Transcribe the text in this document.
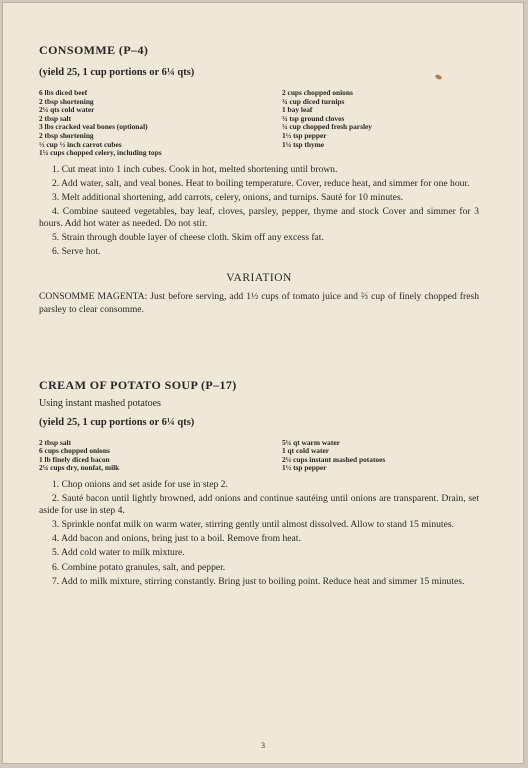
CONSOMME (P–4)
(yield 25, 1 cup portions or 6¼ qts)
6 lbs diced beef
2 tbsp shortening
2¼ qts cold water
2 tbsp salt
3 lbs cracked veal bones (optional)
2 tbsp shortening
½ cup ½ inch carrot cubes
1¼ cups chopped celery, including tops
2 cups chopped onions
¾ cup diced turnips
1 bay leaf
¾ tsp ground cloves
¼ cup chopped fresh parsley
1½ tsp pepper
1¼ tsp thyme

1. Cut meat into 1 inch cubes. Cook in hot, melted shortening until brown.

2. Add water, salt, and veal bones. Heat to boiling temperature. Cover, reduce heat, and simmer for one hour.

3. Melt additional shortening, add carrots, celery, onions, and turnips. Sauté for 10 minutes.

4. Combine sauteed vegetables, bay leaf, cloves, parsley, pepper, thyme and stock Cover and simmer for 3 hours. Add hot water as needed. Do not stir.

5. Strain through double layer of cheese cloth. Skim off any excess fat.

6. Serve hot.

VARIATION

CONSOMME MAGENTA: Just before serving, add 1½ cups of tomato juice and ⅔ cup of finely chopped fresh parsley to clear consomme.

CREAM OF POTATO SOUP (P–17)
Using instant mashed potatoes
(yield 25, 1 cup portions or 6¼ qts)
2 tbsp salt
6 cups chopped onions
1 lb finely diced bacon
2¼ cups dry, nonfat, milk
5¼ qt warm water
1 qt cold water
2¼ cups instant mashed potatoes
1½ tsp pepper

1. Chop onions and set aside for use in step 2.

2. Sauté bacon until lightly browned, add onions and continue sautéing until onions are transparent. Drain, set aside for use in step 4.

3. Sprinkle nonfat milk on warm water, stirring gently until almost dissolved. Allow to stand 15 minutes.

4. Add bacon and onions, bring just to a boil. Remove from heat.

5. Add cold water to milk mixture.

6. Combine potato granules, salt, and pepper.

7. Add to milk mixture, stirring constantly. Bring just to boiling point. Reduce heat and simmer 15 minutes.

3
